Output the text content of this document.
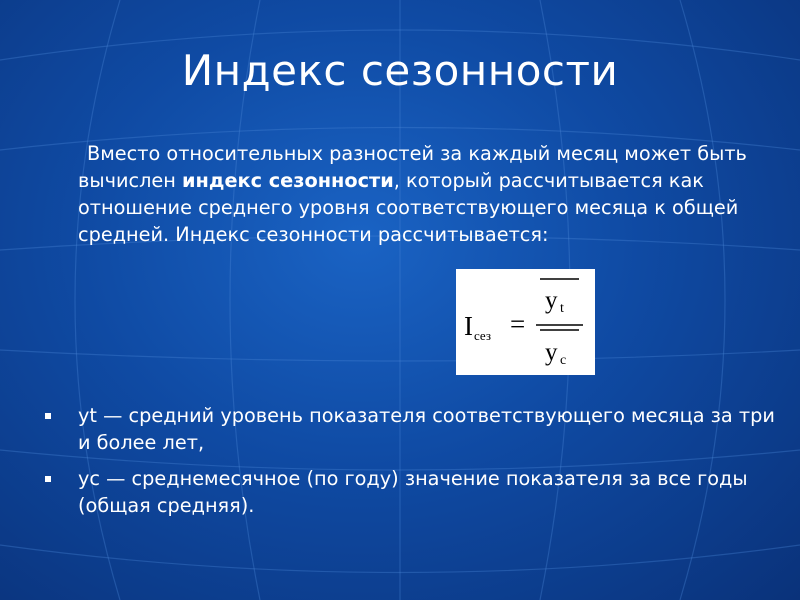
Индекс сезонности
Вместо относительных разностей за каждый месяц может быть вычислен индекс сезонности, который рассчитывается как отношение среднего уровня соответствующего месяца к общей средней. Индекс сезонности рассчитывается:
I сез =
y t
y c
yt — средний уровень показателя соответствующего месяца за три и более лет,
yc — среднемесячное (по году) значение показателя за все годы (общая средняя).
